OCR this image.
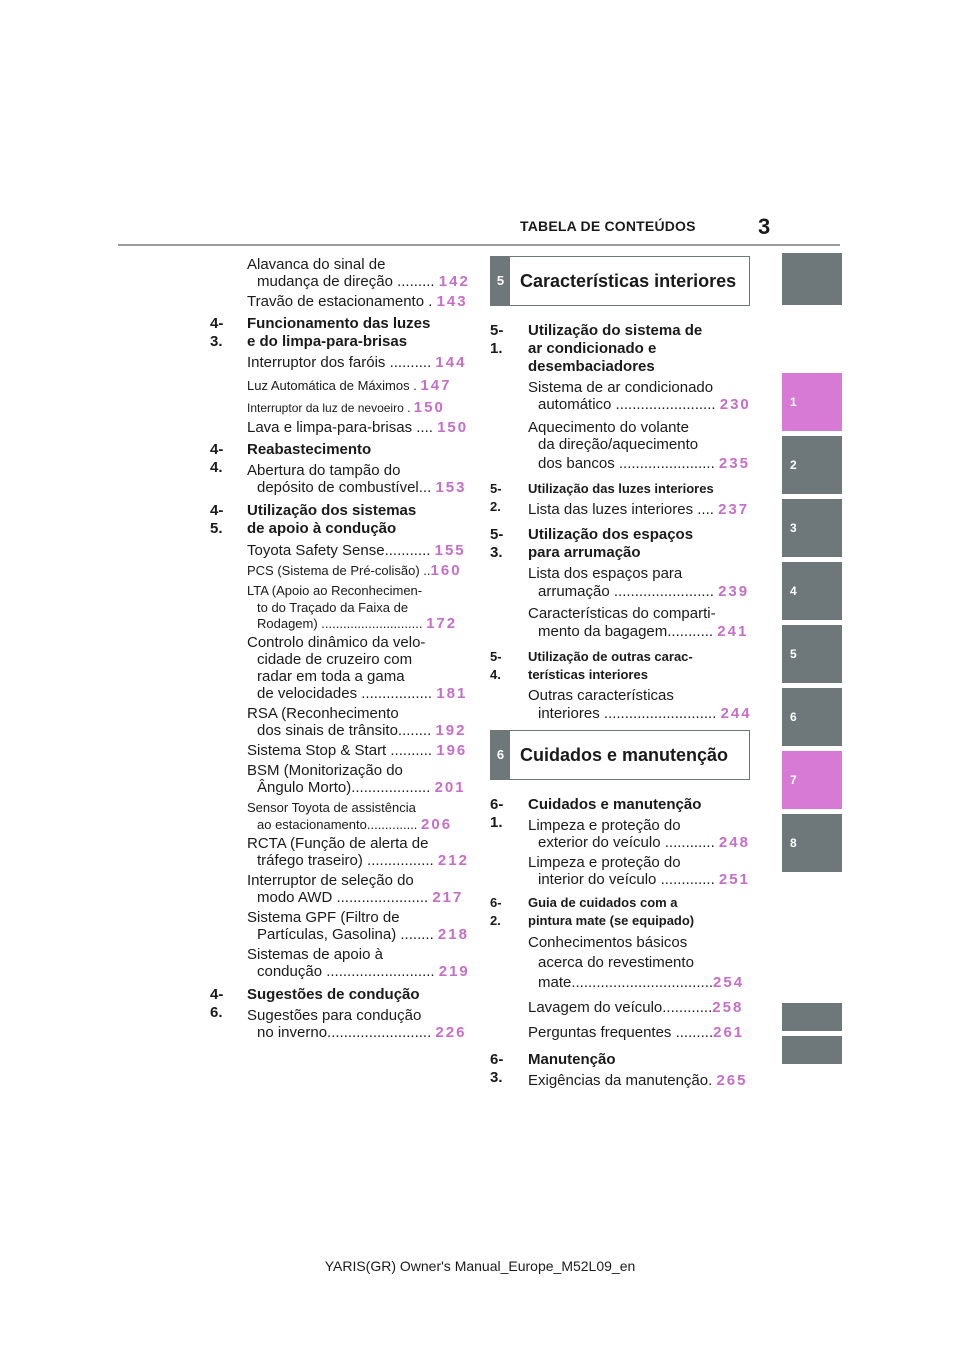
TABELA DE CONTEÚDOS	3
1
2
3
4
5
6
7
8
Alavanca do sinal de
mudança de direção ......... 142
Travão de estacionamento . 143
4-3.
Funcionamento das luzes
e do limpa-para-brisas
Interruptor dos faróis .......... 144
Luz Automática de Máximos . 147
Interruptor da luz de nevoeiro . 150
Lava e limpa-para-brisas .... 150
4-4.
Reabastecimento
Abertura do tampão do
depósito de combustível... 153
4-5.
Utilização dos sistemas
de apoio à condução
Toyota Safety Sense........... 155
PCS (Sistema de Pré-colisão) ..160
LTA (Apoio ao Reconhecimen-
to do Traçado da Faixa de
Rodagem) ............................ 172
Controlo dinâmico da velo-
cidade de cruzeiro com
radar em toda a gama
de velocidades ................. 181
RSA (Reconhecimento
dos sinais de trânsito........ 192
Sistema Stop & Start .......... 196
BSM (Monitorização do
Ângulo Morto)................... 201
Sensor Toyota de assistência
ao estacionamento.............. 206
RCTA (Função de alerta de
tráfego traseiro) ................ 212
Interruptor de seleção do
modo AWD ...................... 217
Sistema GPF (Filtro de
Partículas, Gasolina) ........ 218
Sistemas de apoio à
condução .......................... 219
4-6.
Sugestões de condução
Sugestões para condução
no inverno......................... 226
5 Características interiores
5-1.
Utilização do sistema de
ar condicionado e
desembaciadores
Sistema de ar condicionado
automático ........................ 230
Aquecimento do volante
da direção/aquecimento
dos bancos ....................... 235
5-2.
Utilização das luzes interiores
Lista das luzes interiores .... 237
5-3.
Utilização dos espaços
para arrumação
Lista dos espaços para
arrumação ........................ 239
Características do comparti-
mento da bagagem........... 241
5-4.
Utilização de outras carac-
terísticas interiores
Outras características
interiores ........................... 244
6 Cuidados e manutenção
6-1.
Cuidados e manutenção
Limpeza e proteção do
exterior do veículo ............ 248
Limpeza e proteção do
interior do veículo ............. 251
6-2.
Guia de cuidados com a
pintura mate (se equipado)
Conhecimentos básicos
acerca do revestimento
mate..................................254
Lavagem do veículo............258
Perguntas frequentes .........261
6-3.
Manutenção
Exigências da manutenção. 265
YARIS(GR) Owner's Manual_Europe_M52L09_en
